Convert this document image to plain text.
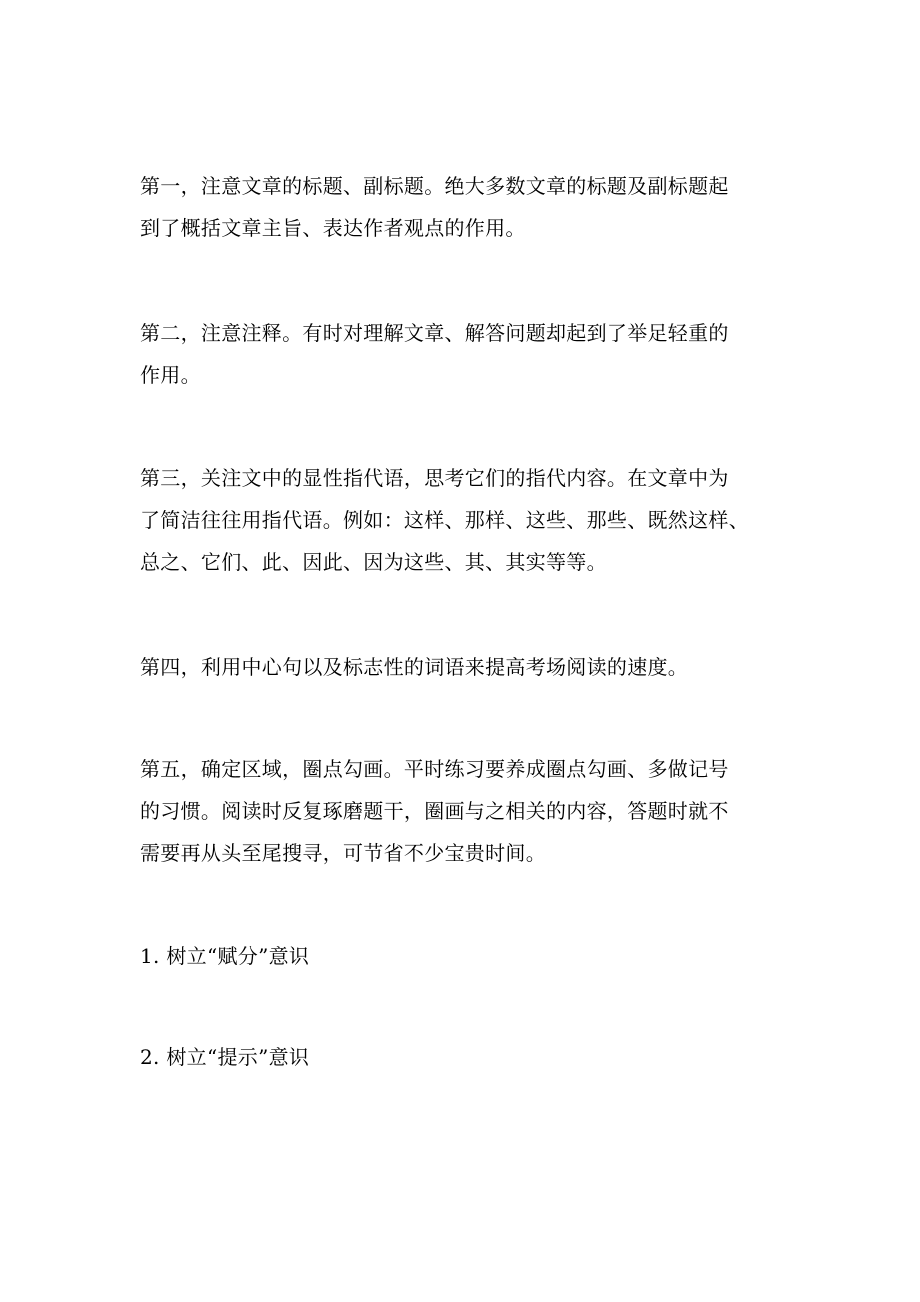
第一，注意文章的标题、副标题。绝大多数文章的标题及副标题起
到了概括文章主旨、表达作者观点的作用。

第二，注意注释。有时对理解文章、解答问题却起到了举足轻重的
作用。

第三，关注文中的显性指代语，思考它们的指代内容。在文章中为
了简洁往往用指代语。例如：这样、那样、这些、那些、既然这样、
总之、它们、此、因此、因为这些、其、其实等等。

第四，利用中心句以及标志性的词语来提高考场阅读的速度。

第五，确定区域，圈点勾画。平时练习要养成圈点勾画、多做记号
的习惯。阅读时反复琢磨题干，圈画与之相关的内容，答题时就不
需要再从头至尾搜寻，可节省不少宝贵时间。

1. 树立“赋分”意识

2. 树立“提示”意识
